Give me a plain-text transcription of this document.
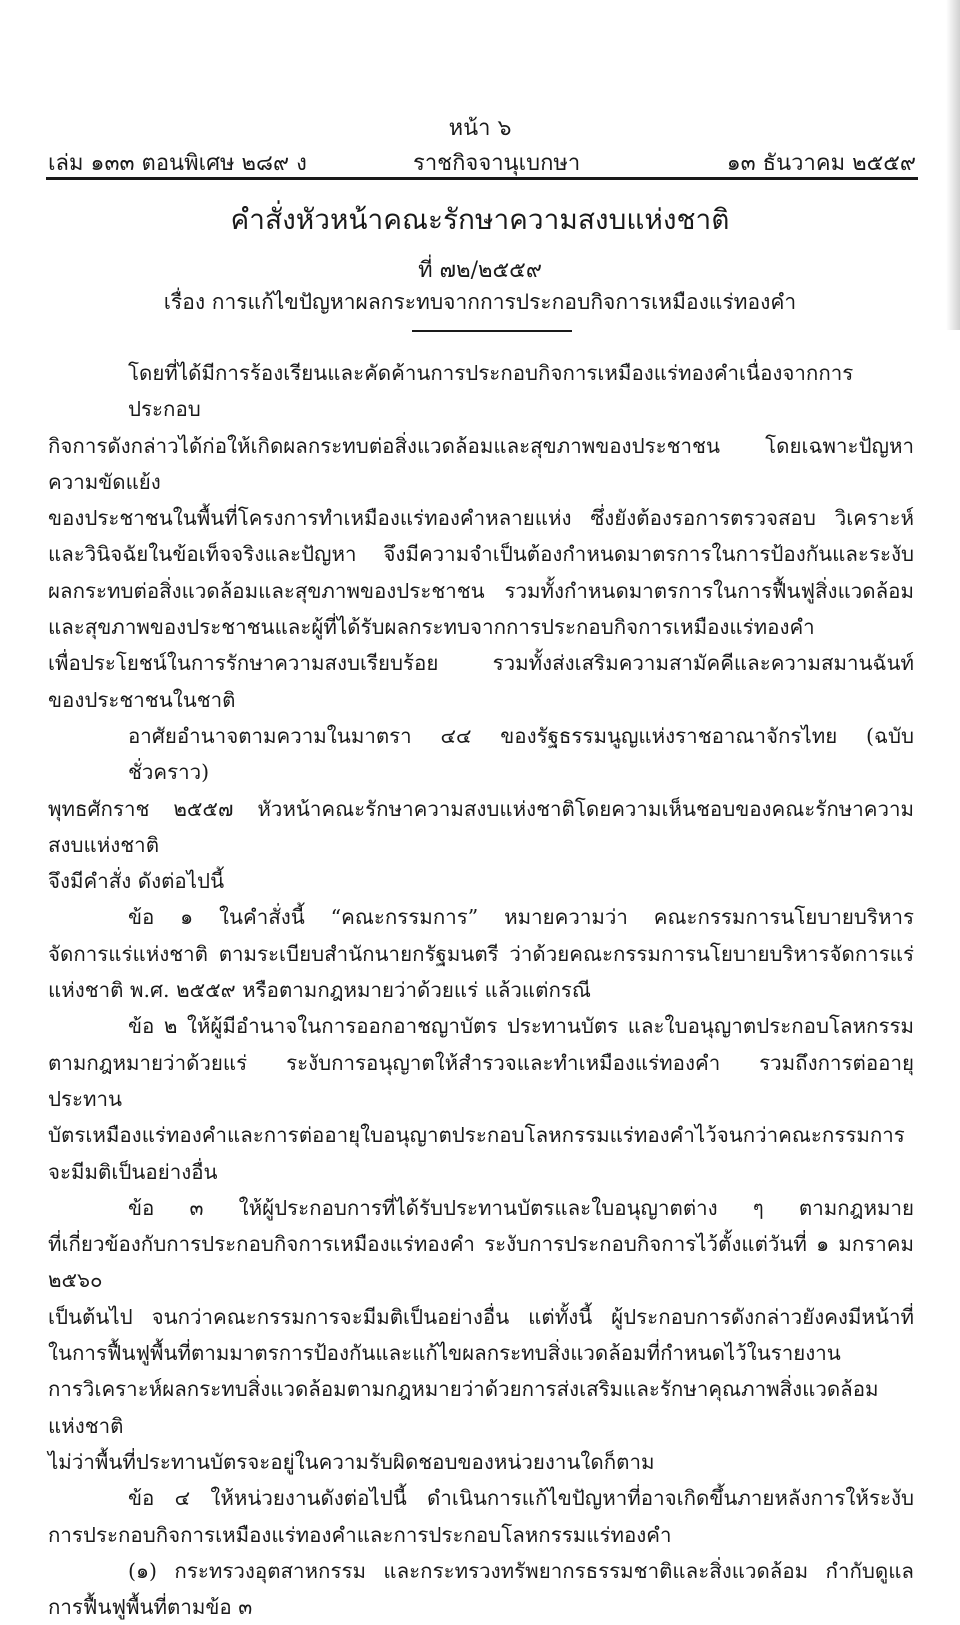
หน้า ๖
เล่ม ๑๓๓ ตอนพิเศษ ๒๘๙ ง	ราชกิจจานุเบกษา	๑๓ ธันวาคม ๒๕๕๙
คำสั่งหัวหน้าคณะรักษาความสงบแห่งชาติ
ที่ ๗๒/๒๕๕๙
เรื่อง การแก้ไขปัญหาผลกระทบจากการประกอบกิจการเหมืองแร่ทองคำ

โดยที่ได้มีการร้องเรียนและคัดค้านการประกอบกิจการเหมืองแร่ทองคำเนื่องจากการประกอบ

กิจการดังกล่าวได้ก่อให้เกิดผลกระทบต่อสิ่งแวดล้อมและสุขภาพของประชาชน โดยเฉพาะปัญหาความขัดแย้ง

ของประชาชนในพื้นที่โครงการทำเหมืองแร่ทองคำหลายแห่ง ซึ่งยังต้องรอการตรวจสอบ วิเคราะห์

และวินิจฉัยในข้อเท็จจริงและปัญหา จึงมีความจำเป็นต้องกำหนดมาตรการในการป้องกันและระงับ

ผลกระทบต่อสิ่งแวดล้อมและสุขภาพของประชาชน รวมทั้งกำหนดมาตรการในการฟื้นฟูสิ่งแวดล้อม

และสุขภาพของประชาชนและผู้ที่ได้รับผลกระทบจากการประกอบกิจการเหมืองแร่ทองคำ

เพื่อประโยชน์ในการรักษาความสงบเรียบร้อย รวมทั้งส่งเสริมความสามัคคีและความสมานฉันท์

ของประชาชนในชาติ

อาศัยอำนาจตามความในมาตรา ๔๔ ของรัฐธรรมนูญแห่งราชอาณาจักรไทย (ฉบับชั่วคราว)

พุทธศักราช ๒๕๕๗ หัวหน้าคณะรักษาความสงบแห่งชาติโดยความเห็นชอบของคณะรักษาความสงบแห่งชาติ

จึงมีคำสั่ง ดังต่อไปนี้

ข้อ ๑ ในคำสั่งนี้ “คณะกรรมการ” หมายความว่า คณะกรรมการนโยบายบริหาร

จัดการแร่แห่งชาติ ตามระเบียบสำนักนายกรัฐมนตรี ว่าด้วยคณะกรรมการนโยบายบริหารจัดการแร่

แห่งชาติ พ.ศ. ๒๕๕๙ หรือตามกฎหมายว่าด้วยแร่ แล้วแต่กรณี

ข้อ ๒ ให้ผู้มีอำนาจในการออกอาชญาบัตร ประทานบัตร และใบอนุญาตประกอบโลหกรรม

ตามกฎหมายว่าด้วยแร่ ระงับการอนุญาตให้สำรวจและทำเหมืองแร่ทองคำ รวมถึงการต่ออายุประทาน

บัตรเหมืองแร่ทองคำและการต่ออายุใบอนุญาตประกอบโลหกรรมแร่ทองคำไว้จนกว่าคณะกรรมการ

จะมีมติเป็นอย่างอื่น

ข้อ ๓ ให้ผู้ประกอบการที่ได้รับประทานบัตรและใบอนุญาตต่าง ๆ ตามกฎหมาย

ที่เกี่ยวข้องกับการประกอบกิจการเหมืองแร่ทองคำ ระงับการประกอบกิจการไว้ตั้งแต่วันที่ ๑ มกราคม ๒๕๖๐

เป็นต้นไป จนกว่าคณะกรรมการจะมีมติเป็นอย่างอื่น แต่ทั้งนี้ ผู้ประกอบการดังกล่าวยังคงมีหน้าที่

ในการฟื้นฟูพื้นที่ตามมาตรการป้องกันและแก้ไขผลกระทบสิ่งแวดล้อมที่กำหนดไว้ในรายงาน

การวิเคราะห์ผลกระทบสิ่งแวดล้อมตามกฎหมายว่าด้วยการส่งเสริมและรักษาคุณภาพสิ่งแวดล้อมแห่งชาติ

ไม่ว่าพื้นที่ประทานบัตรจะอยู่ในความรับผิดชอบของหน่วยงานใดก็ตาม

ข้อ ๔ ให้หน่วยงานดังต่อไปนี้ ดำเนินการแก้ไขปัญหาที่อาจเกิดขึ้นภายหลังการให้ระงับ

การประกอบกิจการเหมืองแร่ทองคำและการประกอบโลหกรรมแร่ทองคำ

(๑) กระทรวงอุตสาหกรรม และกระทรวงทรัพยากรธรรมชาติและสิ่งแวดล้อม กำกับดูแล

การฟื้นฟูพื้นที่ตามข้อ ๓
